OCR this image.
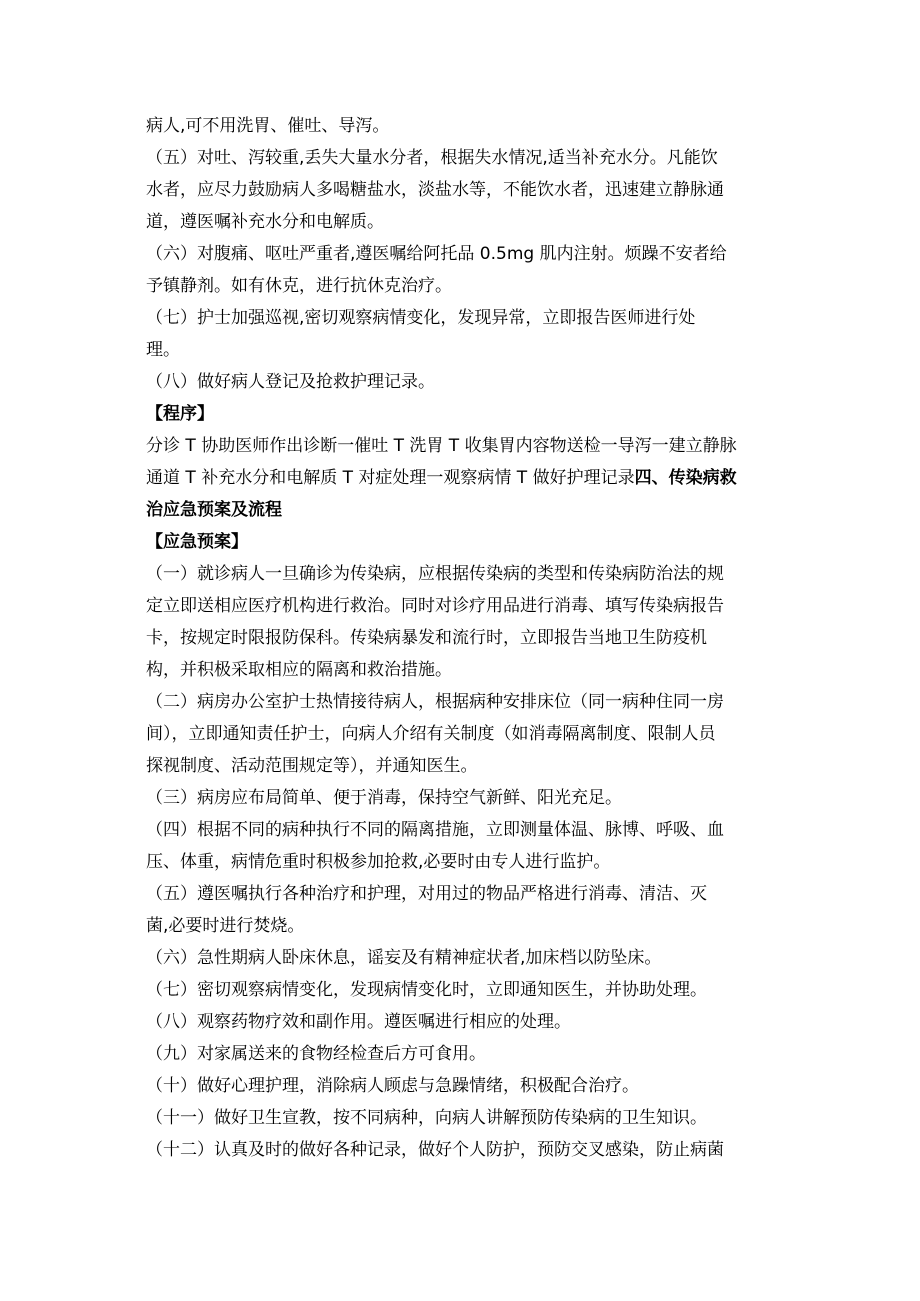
病人,可不用洗胃、催吐、导泻。
（五）对吐、泻较重,丢失大量水分者，根据失水情况,适当补充水分。凡能饮
水者，应尽力鼓励病人多喝糖盐水，淡盐水等，不能饮水者，迅速建立静脉通
道，遵医嘱补充水分和电解质。
（六）对腹痛、呕吐严重者,遵医嘱给阿托品 0.5mg 肌内注射。烦躁不安者给
予镇静剂。如有休克，进行抗休克治疗。
（七）护士加强巡视,密切观察病情变化，发现异常，立即报告医师进行处
理。
（八）做好病人登记及抢救护理记录。
【程序】
分诊 T 协助医师作出诊断一催吐 T 洗胃 T 收集胃内容物送检一导泻一建立静脉
通道 T 补充水分和电解质 T 对症处理一观察病情 T 做好护理记录四、传染病救
治应急预案及流程
【应急预案】
（一）就诊病人一旦确诊为传染病，应根据传染病的类型和传染病防治法的规
定立即送相应医疗机构进行救治。同时对诊疗用品进行消毒、填写传染病报告
卡，按规定时限报防保科。传染病暴发和流行时，立即报告当地卫生防疫机
构，并积极采取相应的隔离和救治措施。
（二）病房办公室护士热情接待病人，根据病种安排床位（同一病种住同一房
间），立即通知责任护士，向病人介绍有关制度（如消毒隔离制度、限制人员
探视制度、活动范围规定等），并通知医生。
（三）病房应布局简单、便于消毒，保持空气新鲜、阳光充足。
（四）根据不同的病种执行不同的隔离措施，立即测量体温、脉博、呼吸、血
压、体重，病情危重时积极参加抢救,必要时由专人进行监护。
（五）遵医嘱执行各种治疗和护理，对用过的物品严格进行消毒、清洁、灭
菌,必要时进行焚烧。
（六）急性期病人卧床休息，谣妄及有精神症状者,加床档以防坠床。
（七）密切观察病情变化，发现病情变化时，立即通知医生，并协助处理。
（八）观察药物疗效和副作用。遵医嘱进行相应的处理。
（九）对家属送来的食物经检查后方可食用。
（十）做好心理护理，消除病人顾虑与急躁情绪，积极配合治疗。
（十一）做好卫生宣教，按不同病种，向病人讲解预防传染病的卫生知识。
（十二）认真及时的做好各种记录，做好个人防护，预防交叉感染，防止病菌
